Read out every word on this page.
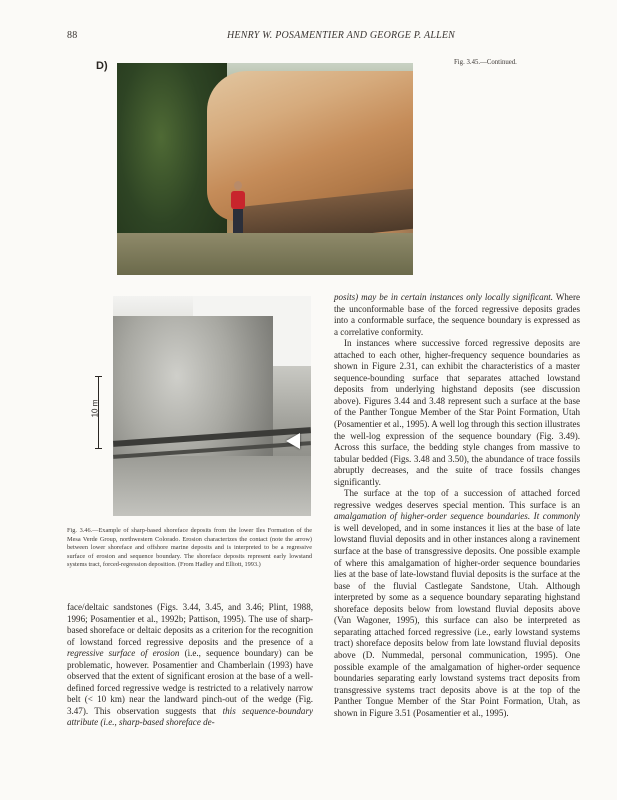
88	HENRY W. POSAMENTIER AND GEORGE P. ALLEN
D)	Fig. 3.45.—Continued.
10 m
Fig. 3.46.—Example of sharp-based shoreface deposits from the lower Iles Formation of the Mesa Verde Group, northwestern Colorado. Erosion characterizes the contact (note the arrow) between lower shoreface and offshore marine deposits and is interpreted to be a regressive surface of erosion and sequence boundary. The shoreface deposits represent early lowstand systems tract, forced-regression deposition. (From Hadley and Elliott, 1993.)

face/deltaic sandstones (Figs. 3.44, 3.45, and 3.46; Plint, 1988, 1996; Posamentier et al., 1992b; Pattison, 1995). The use of sharp-based shoreface or deltaic deposits as a criterion for the recognition of lowstand forced regressive deposits and the presence of a regressive surface of erosion (i.e., sequence boundary) can be problematic, however. Posamentier and Chamberlain (1993) have observed that the extent of significant erosion at the base of a well-defined forced regressive wedge is restricted to a relatively narrow belt (< 10 km) near the landward pinch-out of the wedge (Fig. 3.47). This observation suggests that this sequence-boundary attribute (i.e., sharp-based shoreface de-

posits) may be in certain instances only locally significant. Where the unconformable base of the forced regressive deposits grades into a conformable surface, the sequence boundary is expressed as a correlative conformity.

In instances where successive forced regressive deposits are attached to each other, higher-frequency sequence boundaries as shown in Figure 2.31, can exhibit the characteristics of a master sequence-bounding surface that separates attached lowstand deposits from underlying highstand deposits (see discussion above). Figures 3.44 and 3.48 represent such a surface at the base of the Panther Tongue Member of the Star Point Formation, Utah (Posamentier et al., 1995). A well log through this section illustrates the well-log expression of the sequence boundary (Fig. 3.49). Across this surface, the bedding style changes from massive to tabular bedded (Figs. 3.48 and 3.50), the abundance of trace fossils abruptly decreases, and the suite of trace fossils changes significantly.

The surface at the top of a succession of attached forced regressive wedges deserves special mention. This surface is an amalgamation of higher-order sequence boundaries. It commonly is well developed, and in some instances it lies at the base of late lowstand fluvial deposits and in other instances along a ravinement surface at the base of transgressive deposits. One possible example of where this amalgamation of higher-order sequence boundaries lies at the base of late-lowstand fluvial deposits is the surface at the base of the fluvial Castlegate Sandstone, Utah. Although interpreted by some as a sequence boundary separating highstand shoreface deposits below from lowstand fluvial deposits above (Van Wagoner, 1995), this surface can also be interpreted as separating attached forced regressive (i.e., early lowstand systems tract) shoreface deposits below from late lowstand fluvial deposits above (D. Nummedal, personal communication, 1995). One possible example of the amalgamation of higher-order sequence boundaries separating early lowstand systems tract deposits from transgressive systems tract deposits above is at the top of the Panther Tongue Member of the Star Point Formation, Utah, as shown in Figure 3.51 (Posamentier et al., 1995).
